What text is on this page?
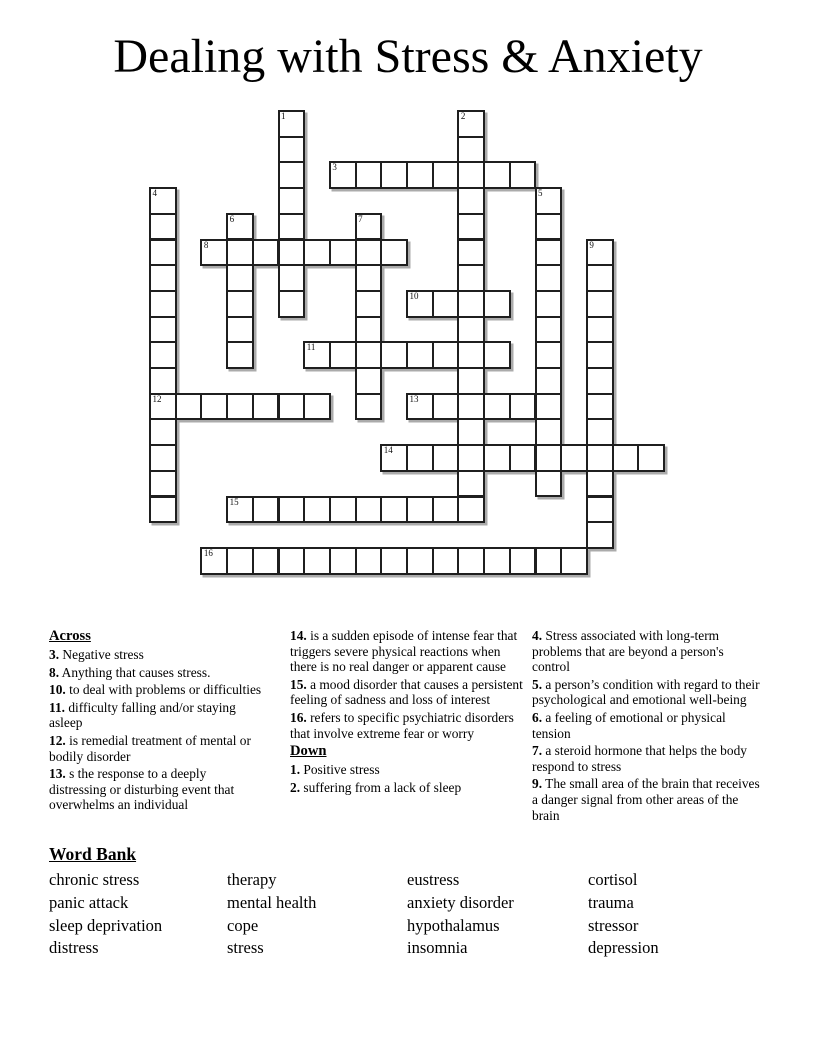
Dealing with Stress & Anxiety
1	2
3
4	5
6	7
8	9
10
11
12	13
14
15
16
Across

3. Negative stress

8. Anything that causes stress.

10. to deal with problems or difficulties

11. difficulty falling and/or staying asleep

12. is remedial treatment of mental or bodily disorder

13. s the response to a deeply distressing or disturbing event that overwhelms an individual

14. is a sudden episode of intense fear that triggers severe physical reactions when there is no real danger or apparent cause

15. a mood disorder that causes a persistent feeling of sadness and loss of interest

16. refers to specific psychiatric disorders that involve extreme fear or worry

Down

1. Positive stress

2. suffering from a lack of sleep

4. Stress associated with long-term problems that are beyond a person's control

5. a person’s condition with regard to their psychological and emotional well-being

6. a feeling of emotional or physical tension

7. a steroid hormone that helps the body respond to stress

9. The small area of the brain that receives a danger signal from other areas of the brain

Word Bank
chronic stress
panic attack
sleep deprivation
distress
therapy
mental health
cope
stress
eustress
anxiety disorder
hypothalamus
insomnia
cortisol
trauma
stressor
depression
